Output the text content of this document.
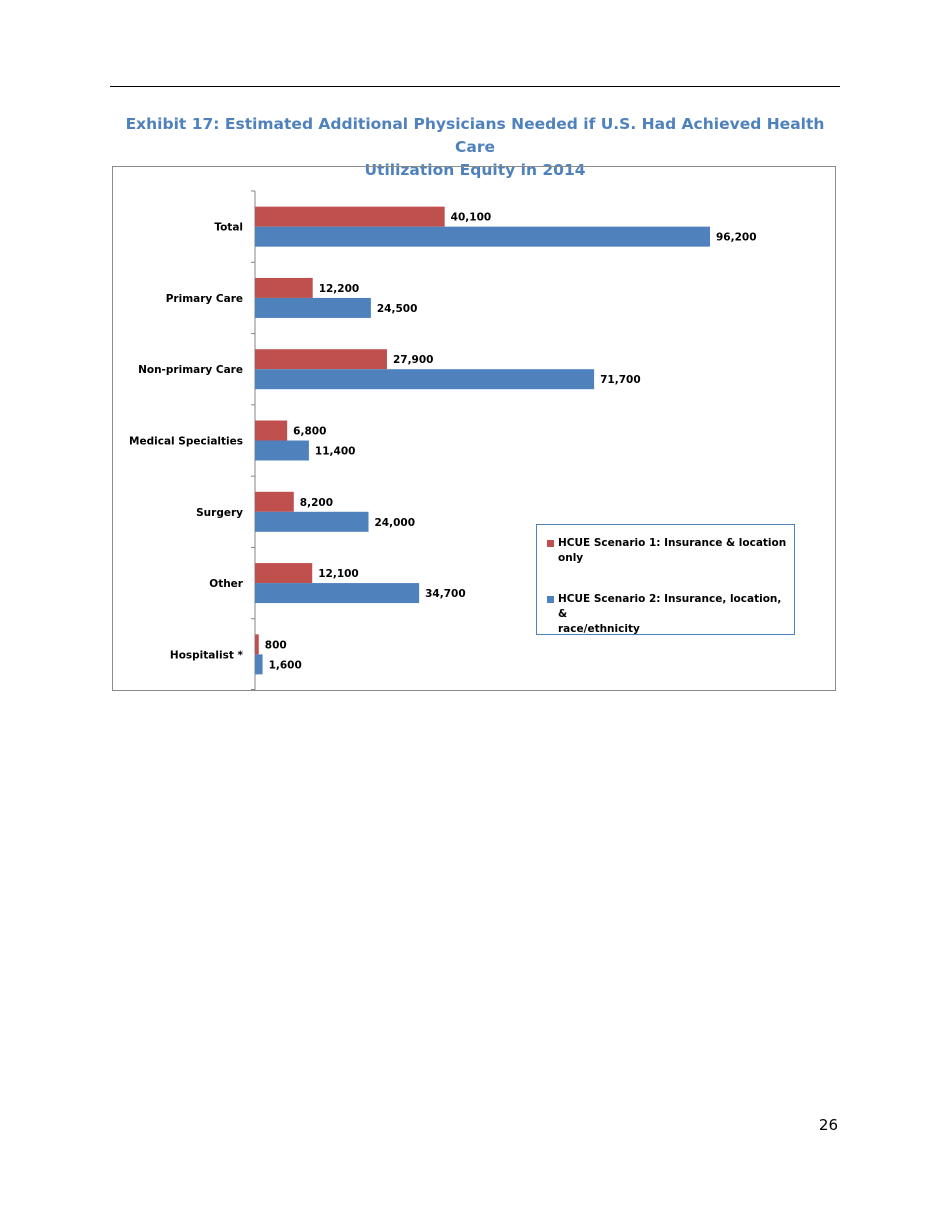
Exhibit 17: Estimated Additional Physicians Needed if U.S. Had Achieved Health Care
Utilization Equity in 2014
Total
40,100
96,200
Primary Care
12,200
24,500
Non-primary Care
27,900
71,700
Medical Specialties
6,800
11,400
Surgery
8,200
24,000
Other
12,100
34,700
Hospitalist *
800
1,600
HCUE Scenario 1: Insurance & location only
HCUE Scenario 2: Insurance, location, &
race/ethnicity
26
